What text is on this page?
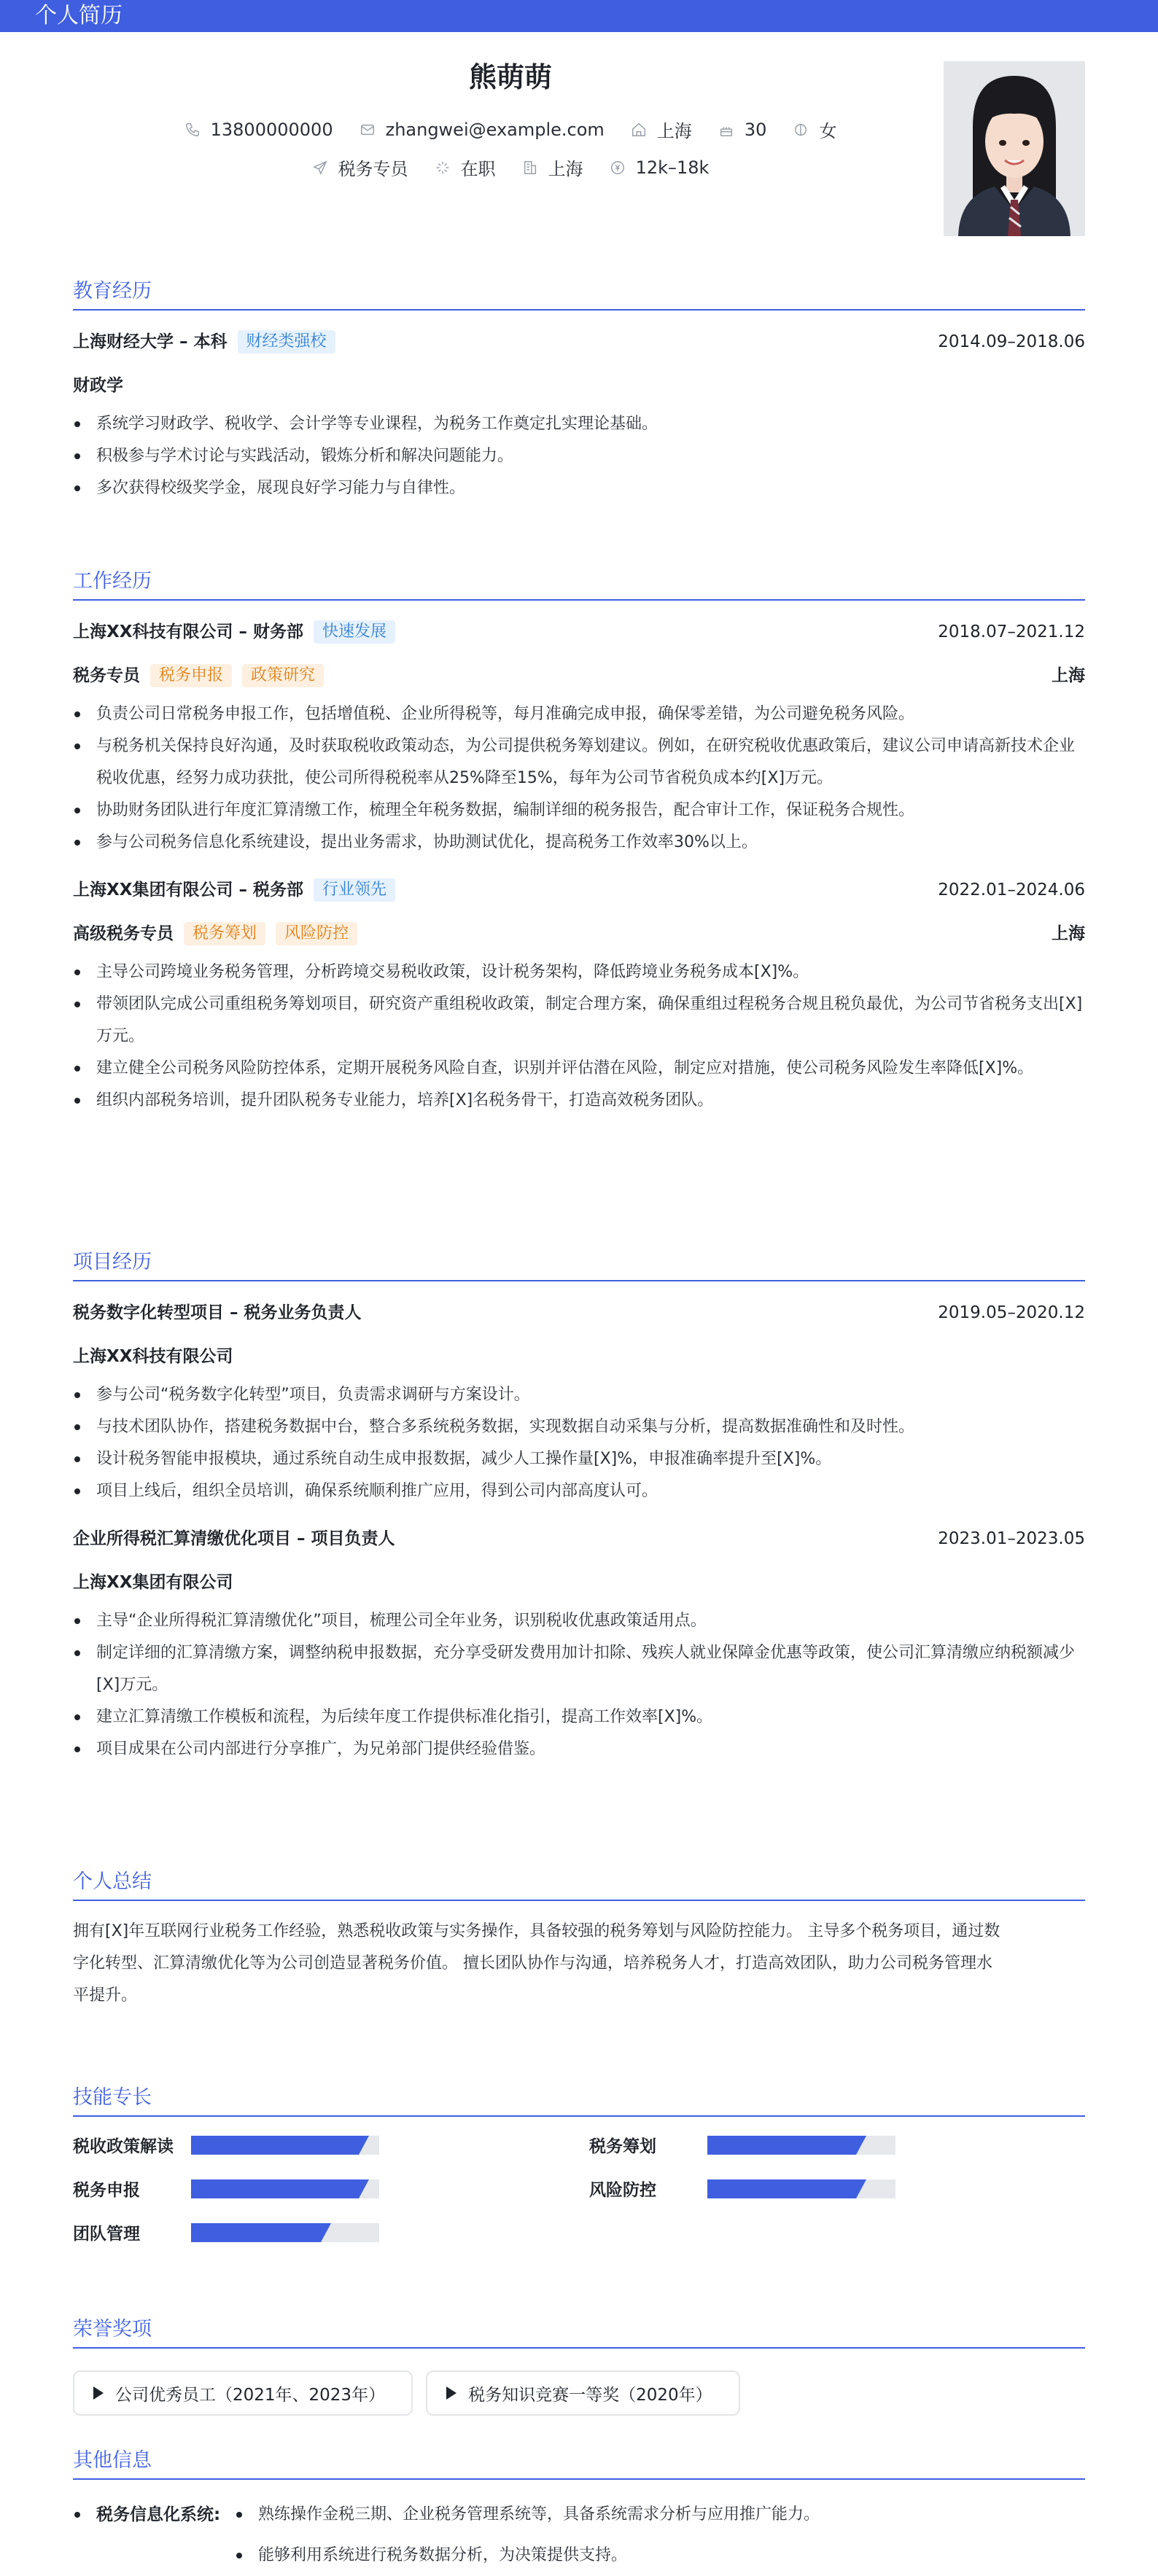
个人简历
熊萌萌
13800000000	zhangwei@example.com	上海	30	女
税务专员	在职	上海	12k–18k
教育经历
上海财经大学 – 本科	财经类强校	2014.09–2018.06
财政学
系统学习财政学、税收学、会计学等专业课程，为税务工作奠定扎实理论基础。
积极参与学术讨论与实践活动，锻炼分析和解决问题能力。
多次获得校级奖学金，展现良好学习能力与自律性。
工作经历
上海XX科技有限公司 – 财务部	快速发展	2018.07–2021.12
税务专员	税务申报	政策研究	上海
负责公司日常税务申报工作，包括增值税、企业所得税等，每月准确完成申报，确保零差错，为公司避免税务风险。
与税务机关保持良好沟通，及时获取税收政策动态，为公司提供税务筹划建议。例如，在研究税收优惠政策后，建议公司申请高新技术企业税收优惠，经努力成功获批，使公司所得税税率从25%降至15%，每年为公司节省税负成本约[X]万元。
协助财务团队进行年度汇算清缴工作，梳理全年税务数据，编制详细的税务报告，配合审计工作，保证税务合规性。
参与公司税务信息化系统建设，提出业务需求，协助测试优化，提高税务工作效率30%以上。
上海XX集团有限公司 – 税务部	行业领先	2022.01–2024.06
高级税务专员	税务筹划	风险防控	上海
主导公司跨境业务税务管理，分析跨境交易税收政策，设计税务架构，降低跨境业务税务成本[X]%。
带领团队完成公司重组税务筹划项目，研究资产重组税收政策，制定合理方案，确保重组过程税务合规且税负最优，为公司节省税务支出[X]万元。
建立健全公司税务风险防控体系，定期开展税务风险自查，识别并评估潜在风险，制定应对措施，使公司税务风险发生率降低[X]%。
组织内部税务培训，提升团队税务专业能力，培养[X]名税务骨干，打造高效税务团队。
项目经历
税务数字化转型项目 – 税务业务负责人	2019.05–2020.12
上海XX科技有限公司
参与公司“税务数字化转型”项目，负责需求调研与方案设计。
与技术团队协作，搭建税务数据中台，整合多系统税务数据，实现数据自动采集与分析，提高数据准确性和及时性。
设计税务智能申报模块，通过系统自动生成申报数据，减少人工操作量[X]%，申报准确率提升至[X]%。
项目上线后，组织全员培训，确保系统顺利推广应用，得到公司内部高度认可。
企业所得税汇算清缴优化项目 – 项目负责人	2023.01–2023.05
上海XX集团有限公司
主导“企业所得税汇算清缴优化”项目，梳理公司全年业务，识别税收优惠政策适用点。
制定详细的汇算清缴方案，调整纳税申报数据，充分享受研发费用加计扣除、残疾人就业保障金优惠等政策，使公司汇算清缴应纳税额减少[X]万元。
建立汇算清缴工作模板和流程，为后续年度工作提供标准化指引，提高工作效率[X]%。
项目成果在公司内部进行分享推广，为兄弟部门提供经验借鉴。
个人总结
拥有[X]年互联网行业税务工作经验，熟悉税收政策与实务操作，具备较强的税务筹划与风险防控能力。 主导多个税务项目，通过数
字化转型、汇算清缴优化等为公司创造显著税务价值。 擅长团队协作与沟通，培养税务人才，打造高效团队，助力公司税务管理水
平提升。
技能专长
税收政策解读	税务筹划
税务申报	风险防控
团队管理
荣誉奖项
公司优秀员工（2021年、2023年）	税务知识竞赛一等奖（2020年）
其他信息
税务信息化系统:	熟练操作金税三期、企业税务管理系统等，具备系统需求分析与应用推广能力。
能够利用系统进行税务数据分析，为决策提供支持。
